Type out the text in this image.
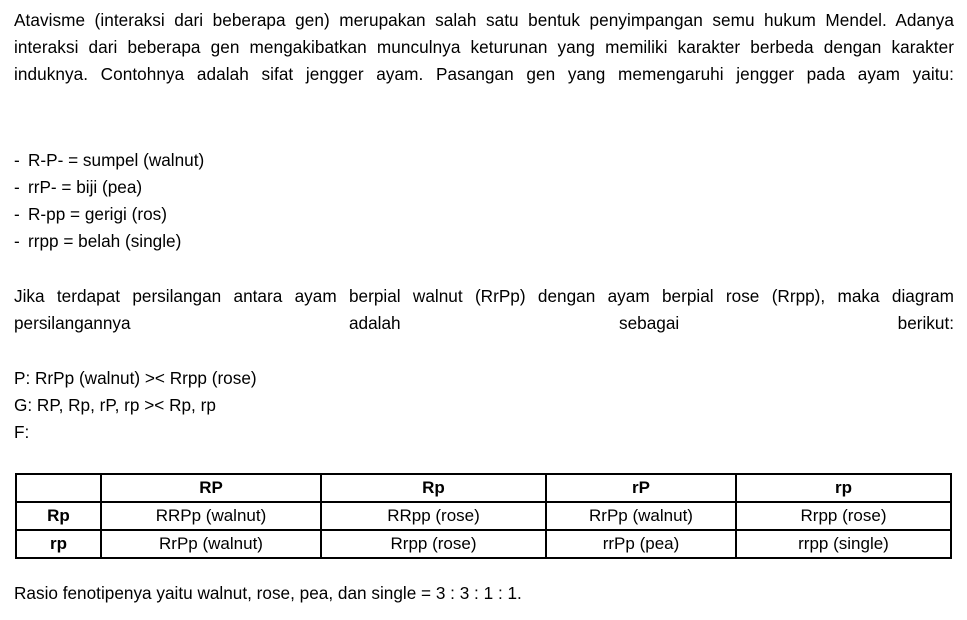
Atavisme (interaksi dari beberapa gen) merupakan salah satu bentuk penyimpangan semu hukum Mendel. Adanya interaksi dari beberapa gen mengakibatkan munculnya keturunan yang memiliki karakter berbeda dengan karakter induknya. Contohnya adalah sifat jengger ayam. Pasangan gen yang memengaruhi jengger pada ayam yaitu:
- R-P- = sumpel (walnut)
- rrP- = biji (pea)
- R-pp = gerigi (ros)
- rrpp = belah (single)
Jika terdapat persilangan antara ayam berpial walnut (RrPp) dengan ayam berpial rose (Rrpp), maka diagram persilangannya adalah sebagai berikut:
P: RrPp (walnut) >< Rrpp (rose)
G: RP, Rp, rP, rp >< Rp, rp
F:
	RP	Rp	rP	rp
Rp	RRPp (walnut)	RRpp (rose)	RrPp (walnut)	Rrpp (rose)
rp	RrPp (walnut)	Rrpp (rose)	rrPp (pea)	rrpp (single)
Rasio fenotipenya yaitu walnut, rose, pea, dan single = 3 : 3 : 1 : 1.
